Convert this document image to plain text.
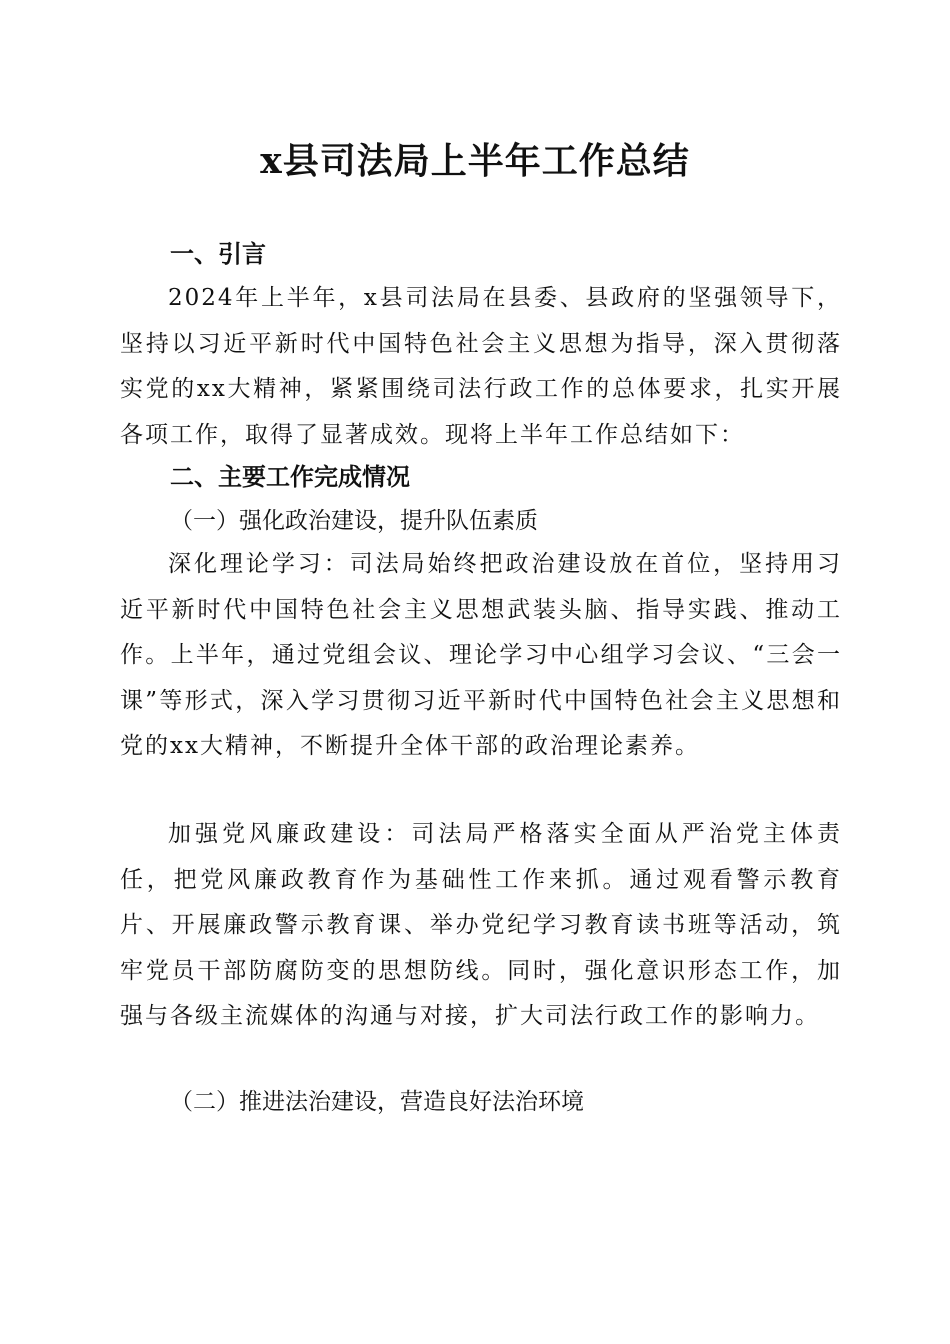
x县司法局上半年工作总结
一、引言

2024年上半年，x县司法局在县委、县政府的坚强领导下，坚持以习近平新时代中国特色社会主义思想为指导，深入贯彻落实党的xx大精神，紧紧围绕司法行政工作的总体要求，扎实开展各项工作，取得了显著成效。现将上半年工作总结如下：

二、主要工作完成情况
（一）强化政治建设，提升队伍素质

深化理论学习：司法局始终把政治建设放在首位，坚持用习近平新时代中国特色社会主义思想武装头脑、指导实践、推动工作。上半年，通过党组会议、理论学习中心组学习会议、“三会一课”等形式，深入学习贯彻习近平新时代中国特色社会主义思想和党的xx大精神，不断提升全体干部的政治理论素养。

加强党风廉政建设：司法局严格落实全面从严治党主体责任，把党风廉政教育作为基础性工作来抓。通过观看警示教育片、开展廉政警示教育课、举办党纪学习教育读书班等活动，筑牢党员干部防腐防变的思想防线。同时，强化意识形态工作，加强与各级主流媒体的沟通与对接，扩大司法行政工作的影响力。

（二）推进法治建设，营造良好法治环境
